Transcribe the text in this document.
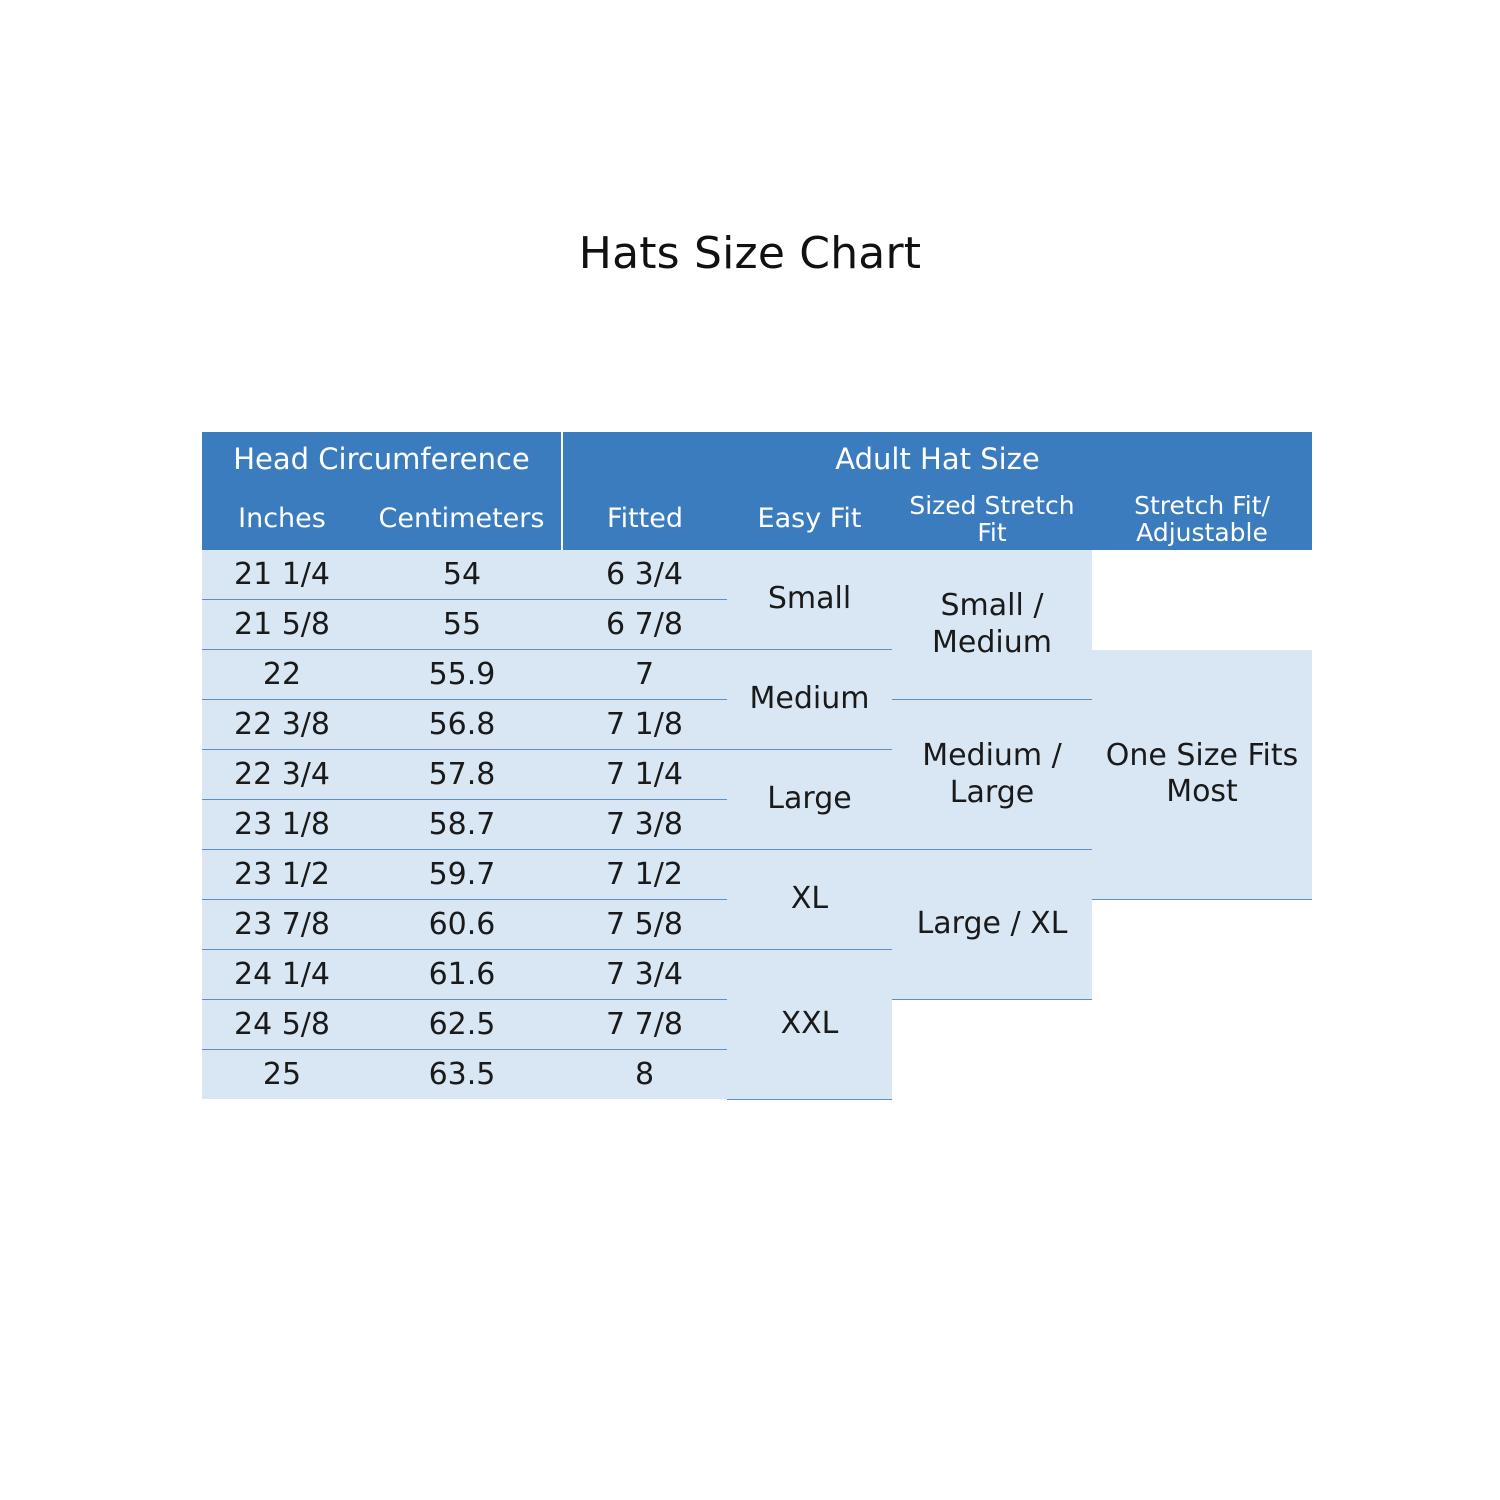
Hats Size Chart
Head Circumference		Adult Hat Size			
Inches	Centimeters	Fitted	Easy Fit	Sized Stretch Fit	Stretch Fit/ Adjustable
21 1/4	54	6 3/4	Small	Small / Medium	
21 5/8	55	6 7/8			
22	55.9	7	Medium		One Size Fits Most
22 3/8	56.8	7 1/8		Medium / Large	
22 3/4	57.8	7 1/4	Large		
23 1/8	58.7	7 3/8			
23 1/2	59.7	7 1/2	XL	Large / XL	
23 7/8	60.6	7 5/8			
24 1/4	61.6	7 3/4	XXL		
24 5/8	62.5	7 7/8			
25	63.5	8			
